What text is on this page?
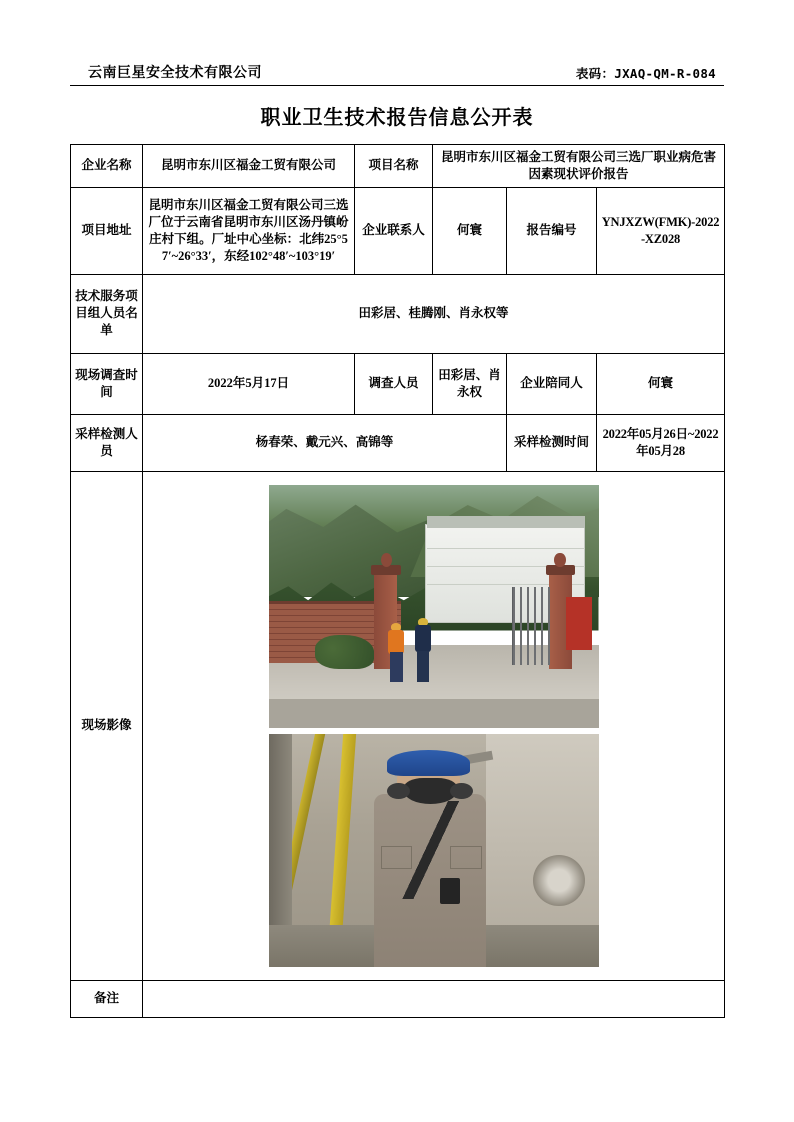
云南巨星安全技术有限公司	表码：JXAQ-QM-R-084
职业卫生技术报告信息公开表
企业名称	昆明市东川区福金工贸有限公司	项目名称	昆明市东川区福金工贸有限公司三选厂职业病危害因素现状评价报告		
项目地址	昆明市东川区福金工贸有限公司三选厂位于云南省昆明市东川区汤丹镇岎庄村下组。厂址中心坐标：北纬25°57′~26°33′，东经102°48′~103°19′	企业联系人	何寰	报告编号	YNJXZW(FMK)-2022-XZ028
技术服务项目组人员名单	田彩居、桂腾刚、肖永权等				
现场调查时间	2022年5月17日	调查人员	田彩居、肖永权	企业陪同人	何寰
采样检测人员	杨春荣、戴元兴、高锦等			采样检测时间	2022年05月26日~2022年05月28
现场影像					

备注					
